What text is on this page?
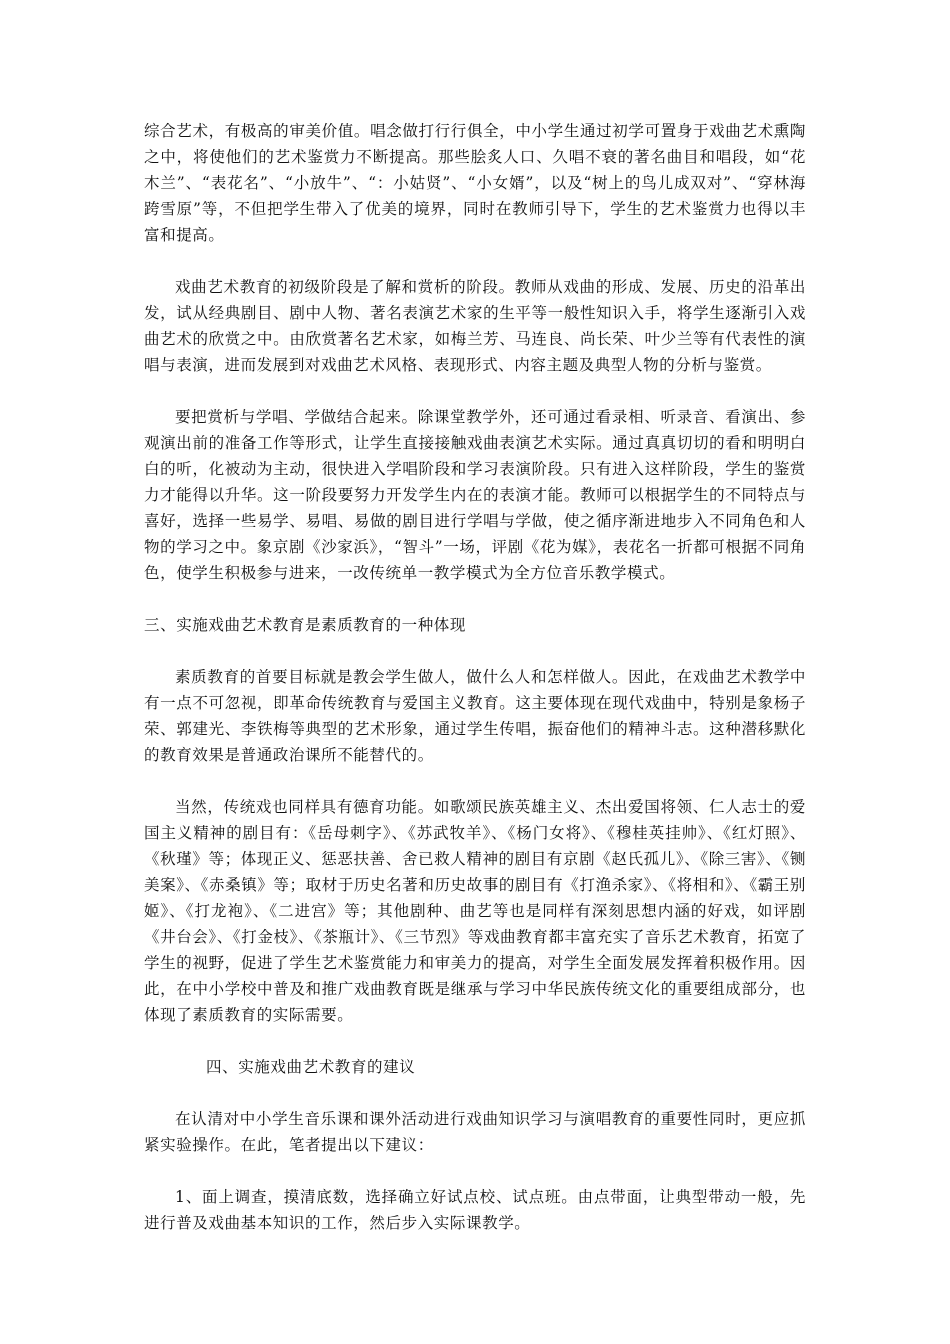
综合艺术，有极高的审美价值。唱念做打行行俱全，中小学生通过初学可置身于戏曲艺术熏陶之中，将使他们的艺术鉴赏力不断提高。那些脍炙人口、久唱不衰的著名曲目和唱段，如“花木兰”、“表花名”、“小放牛”、“：小姑贤”、“小女婿”，以及“树上的鸟儿成双对”、“穿林海跨雪原”等，不但把学生带入了优美的境界，同时在教师引导下，学生的艺术鉴赏力也得以丰富和提高。

戏曲艺术教育的初级阶段是了解和赏析的阶段。教师从戏曲的形成、发展、历史的沿革出发，试从经典剧目、剧中人物、著名表演艺术家的生平等一般性知识入手，将学生逐渐引入戏曲艺术的欣赏之中。由欣赏著名艺术家，如梅兰芳、马连良、尚长荣、叶少兰等有代表性的演唱与表演，进而发展到对戏曲艺术风格、表现形式、内容主题及典型人物的分析与鉴赏。

要把赏析与学唱、学做结合起来。除课堂教学外，还可通过看录相、听录音、看演出、参观演出前的准备工作等形式，让学生直接接触戏曲表演艺术实际。通过真真切切的看和明明白白的听，化被动为主动，很快进入学唱阶段和学习表演阶段。只有进入这样阶段，学生的鉴赏力才能得以升华。这一阶段要努力开发学生内在的表演才能。教师可以根据学生的不同特点与喜好，选择一些易学、易唱、易做的剧目进行学唱与学做，使之循序渐进地步入不同角色和人物的学习之中。象京剧《沙家浜》，“智斗”一场，评剧《花为媒》，表花名一折都可根据不同角色，使学生积极参与进来，一改传统单一教学模式为全方位音乐教学模式。

三、实施戏曲艺术教育是素质教育的一种体现

素质教育的首要目标就是教会学生做人，做什么人和怎样做人。因此，在戏曲艺术教学中有一点不可忽视，即革命传统教育与爱国主义教育。这主要体现在现代戏曲中，特别是象杨子荣、郭建光、李铁梅等典型的艺术形象，通过学生传唱，振奋他们的精神斗志。这种潜移默化的教育效果是普通政治课所不能替代的。

当然，传统戏也同样具有德育功能。如歌颂民族英雄主义、杰出爱国将领、仁人志士的爱国主义精神的剧目有：《岳母刺字》、《苏武牧羊》、《杨门女将》、《穆桂英挂帅》、《红灯照》、《秋瑾》等；体现正义、惩恶扶善、舍已救人精神的剧目有京剧《赵氏孤儿》、《除三害》、《铡美案》、《赤桑镇》等；取材于历史名著和历史故事的剧目有《打渔杀家》、《将相和》、《霸王别姬》、《打龙袍》、《二进宫》等；其他剧种、曲艺等也是同样有深刻思想内涵的好戏，如评剧《井台会》、《打金枝》、《茶瓶计》、《三节烈》等戏曲教育都丰富充实了音乐艺术教育，拓宽了学生的视野，促进了学生艺术鉴赏能力和审美力的提高，对学生全面发展发挥着积极作用。因此，在中小学校中普及和推广戏曲教育既是继承与学习中华民族传统文化的重要组成部分，也体现了素质教育的实际需要。

四、实施戏曲艺术教育的建议

在认清对中小学生音乐课和课外活动进行戏曲知识学习与演唱教育的重要性同时，更应抓紧实验操作。在此，笔者提出以下建议：

1、面上调查，摸清底数，选择确立好试点校、试点班。由点带面，让典型带动一般，先进行普及戏曲基本知识的工作，然后步入实际课教学。
